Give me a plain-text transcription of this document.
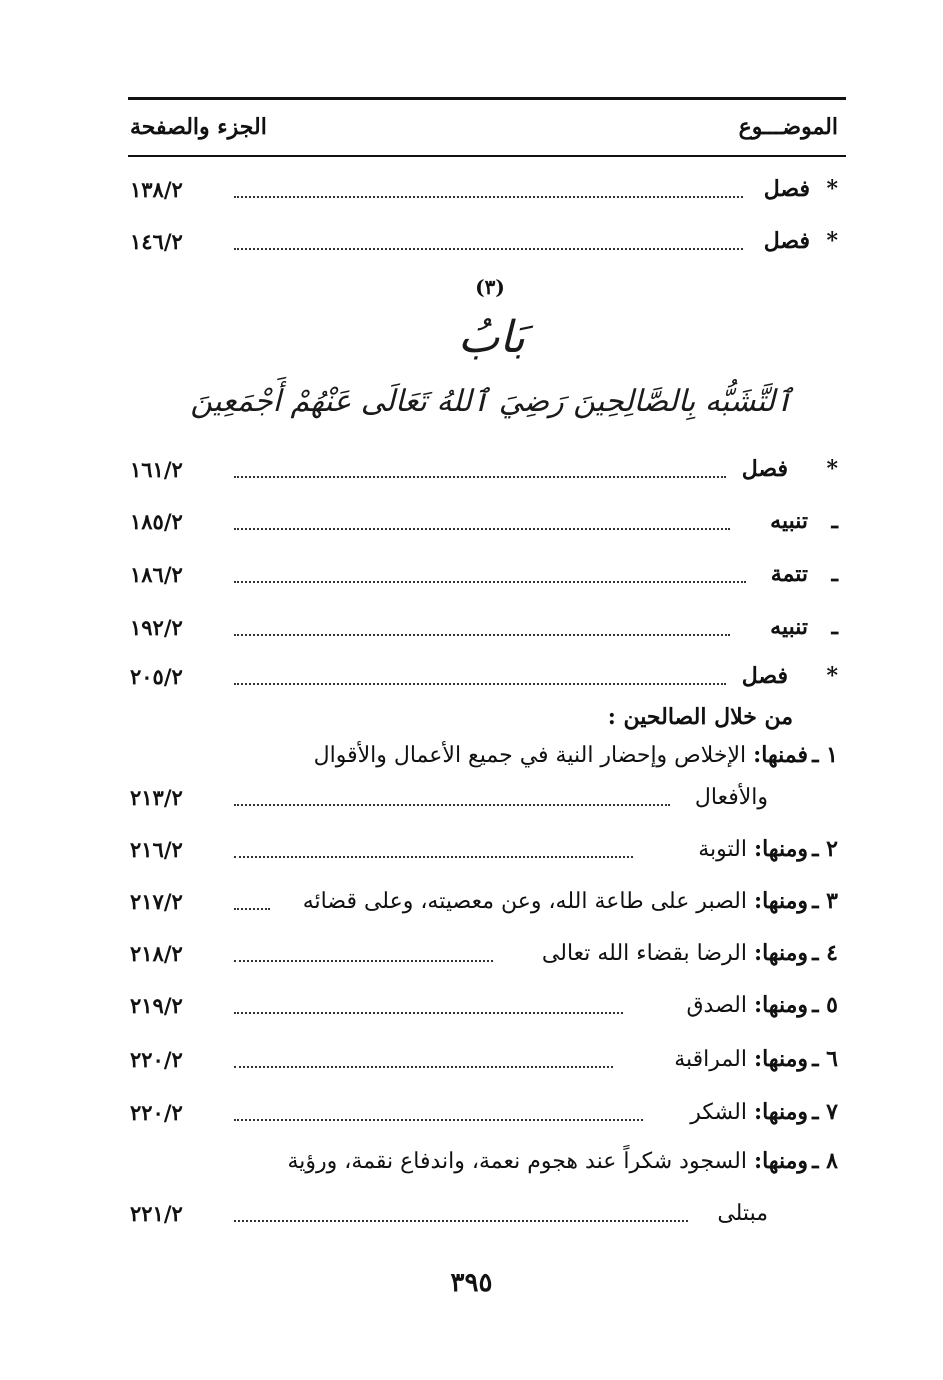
الموضـــوع
الجزء والصفحة
*
فصل
١٣٨/٢
*
فصل
١٤٦/٢
(٣)
بَابُ
ٱلتَّشَبُّه بِالصَّالِحِينَ رَضِيَ ٱللهُ تَعَالَى عَنْهُمْ أَجْمَعِينَ
*
فصل
١٦١/٢
ـ
تنبيه
١٨٥/٢
ـ
تتمة
١٨٦/٢
ـ
تنبيه
١٩٢/٢
*
فصل
٢٠٥/٢
من خلال الصالحين :
١ ـ
فمنها: الإخلاص وإحضار النية في جميع الأعمال والأقوال
والأفعال
٢١٣/٢
٢ ـ
ومنها: التوبة
٢١٦/٢
٣ ـ
ومنها: الصبر على طاعة الله، وعن معصيته، وعلى قضائه
٢١٧/٢
٤ ـ
ومنها: الرضا بقضاء الله تعالى
٢١٨/٢
٥ ـ
ومنها: الصدق
٢١٩/٢
٦ ـ
ومنها: المراقبة
٢٢٠/٢
٧ ـ
ومنها: الشكر
٢٢٠/٢
٨ ـ
ومنها: السجود شكراً عند هجوم نعمة، واندفاع نقمة، ورؤية
مبتلى
٢٢١/٢
٣٩٥
